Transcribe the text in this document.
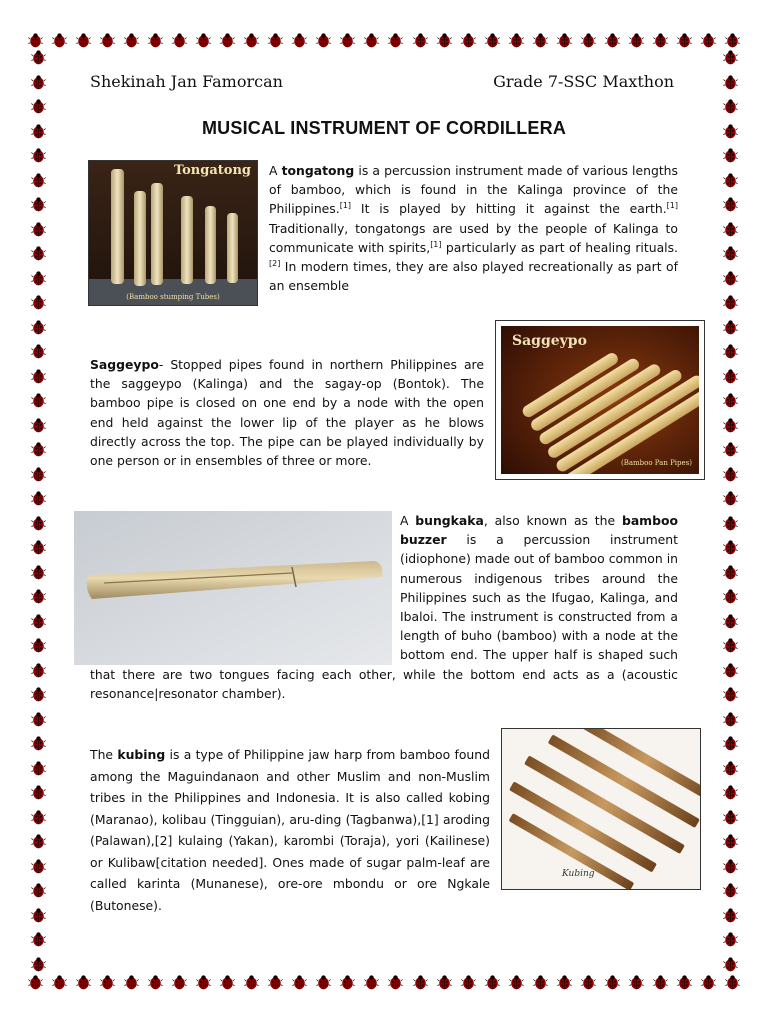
Shekinah Jan Famorcan	Grade 7-SSC Maxthon
MUSICAL INSTRUMENT OF CORDILLERA
Tongatong
(Bamboo stumping Tubes)
A tongatong is a percussion instrument made of various lengths of bamboo, which is found in the Kalinga province of the Philippines.[1] It is played by hitting it against the earth.[1] Traditionally, tongatongs are used by the people of Kalinga to communicate with spirits,[1] particularly as part of healing rituals.[2] In modern times, they are also played recreationally as part of an ensemble
Saggeypo
(Bamboo Pan Pipes)
Saggeypo- Stopped pipes found in northern Philippines are the saggeypo (Kalinga) and the sagay-op (Bontok). The bamboo pipe is closed on one end by a node with the open end held against the lower lip of the player as he blows directly across the top. The pipe can be played individually by one person or in ensembles of three or more.
A bungkaka, also known as the bamboo buzzer is a percussion instrument (idiophone) made out of bamboo common in numerous indigenous tribes around the Philippines such as the Ifugao, Kalinga, and Ibaloi. The instrument is constructed from a length of buho (bamboo) with a node at the bottom end. The upper half is shaped such that there are two tongues facing each other, while the bottom end acts as a (acoustic resonance|resonator chamber).
Kubing
The kubing is a type of Philippine jaw harp from bamboo found among the Maguindanaon and other Muslim and non-Muslim tribes in the Philippines and Indonesia. It is also called kobing (Maranao), kolibau (Tingguian), aru-ding (Tagbanwa),[1] aroding (Palawan),[2] kulaing (Yakan), karombi (Toraja), yori (Kailinese) or Kulibaw[citation needed]. Ones made of sugar palm-leaf are called karinta (Munanese), ore-ore mbondu or ore Ngkale (Butonese).
